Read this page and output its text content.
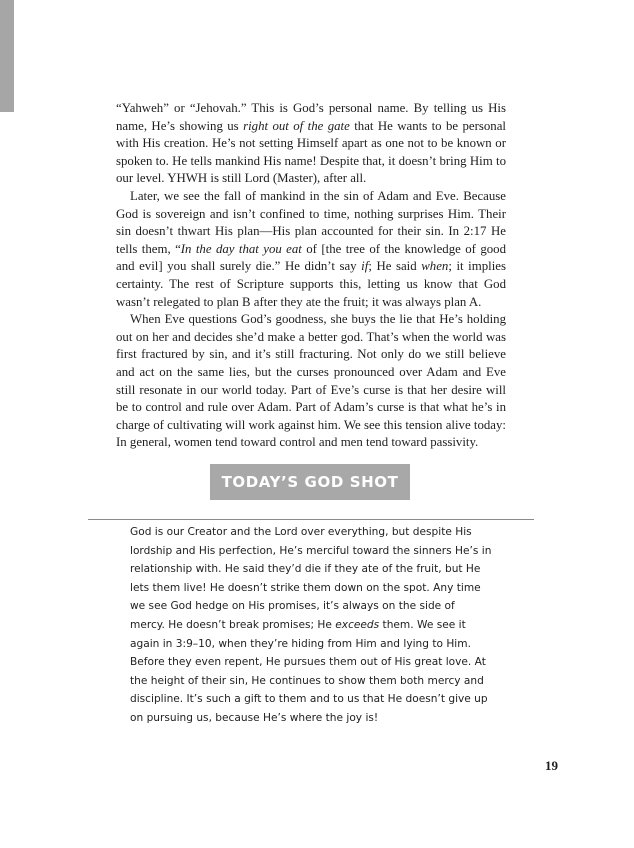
“Yahweh” or “Jehovah.” This is God’s personal name. By telling us His name, He’s showing us right out of the gate that He wants to be personal with His creation. He’s not setting Himself apart as one not to be known or spoken to. He tells mankind His name! Despite that, it doesn’t bring Him to our level. YHWH is still Lord (Master), after all.

Later, we see the fall of mankind in the sin of Adam and Eve. Because God is sovereign and isn’t confined to time, nothing surprises Him. Their sin doesn’t thwart His plan—His plan accounted for their sin. In 2:17 He tells them, “In the day that you eat of [the tree of the knowledge of good and evil] you shall surely die.” He didn’t say if; He said when; it implies certainty. The rest of Scripture supports this, letting us know that God wasn’t relegated to plan B after they ate the fruit; it was always plan A.

When Eve questions God’s goodness, she buys the lie that He’s holding out on her and decides she’d make a better god. That’s when the world was first fractured by sin, and it’s still fracturing. Not only do we still believe and act on the same lies, but the curses pronounced over Adam and Eve still resonate in our world today. Part of Eve’s curse is that her desire will be to control and rule over Adam. Part of Adam’s curse is that what he’s in charge of cultivating will work against him. We see this tension alive today: In general, women tend toward control and men tend toward passivity.

TODAY’S GOD SHOT

God is our Creator and the Lord over everything, but despite His lordship and His perfection, He’s merciful toward the sinners He’s in relationship with. He said they’d die if they ate of the fruit, but He lets them live! He doesn’t strike them down on the spot. Any time we see God hedge on His promises, it’s always on the side of mercy. He doesn’t break promises; He exceeds them. We see it again in 3:9–10, when they’re hiding from Him and lying to Him. Before they even repent, He pursues them out of His great love. At the height of their sin, He continues to show them both mercy and discipline. It’s such a gift to them and to us that He doesn’t give up on pursuing us, because He’s where the joy is!

19
